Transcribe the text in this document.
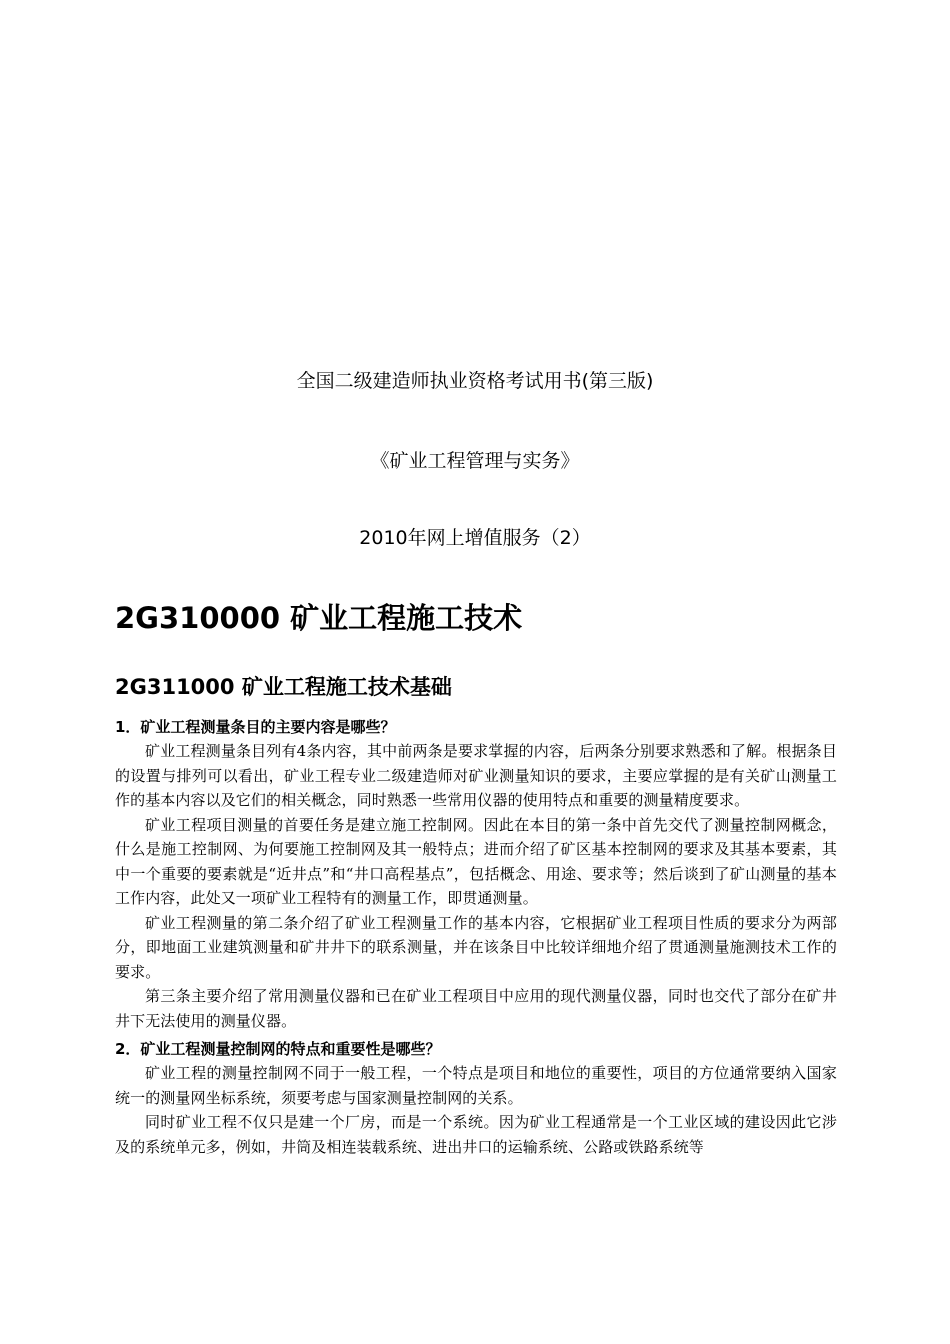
全国二级建造师执业资格考试用书(第三版)
《矿业工程管理与实务》
2010年网上增值服务（2）
2G310000 矿业工程施工技术
2G311000 矿业工程施工技术基础
1．矿业工程测量条目的主要内容是哪些？

矿业工程测量条目列有4条内容，其中前两条是要求掌握的内容，后两条分别要求熟悉和了解。根据条目的设置与排列可以看出，矿业工程专业二级建造师对矿业测量知识的要求，主要应掌握的是有关矿山测量工作的基本内容以及它们的相关概念，同时熟悉一些常用仪器的使用特点和重要的测量精度要求。

矿业工程项目测量的首要任务是建立施工控制网。因此在本目的第一条中首先交代了测量控制网概念，什么是施工控制网、为何要施工控制网及其一般特点；进而介绍了矿区基本控制网的要求及其基本要素，其中一个重要的要素就是“近井点”和“井口高程基点”，包括概念、用途、要求等；然后谈到了矿山测量的基本工作内容，此处又一项矿业工程特有的测量工作，即贯通测量。

矿业工程测量的第二条介绍了矿业工程测量工作的基本内容，它根据矿业工程项目性质的要求分为两部分，即地面工业建筑测量和矿井井下的联系测量，并在该条目中比较详细地介绍了贯通测量施测技术工作的要求。

第三条主要介绍了常用测量仪器和已在矿业工程项目中应用的现代测量仪器，同时也交代了部分在矿井井下无法使用的测量仪器。

2．矿业工程测量控制网的特点和重要性是哪些？

矿业工程的测量控制网不同于一般工程，一个特点是项目和地位的重要性，项目的方位通常要纳入国家统一的测量网坐标系统，须要考虑与国家测量控制网的关系。

同时矿业工程不仅只是建一个厂房，而是一个系统。因为矿业工程通常是一个工业区域的建设因此它涉及的系统单元多，例如，井筒及相连装载系统、进出井口的运输系统、公路或铁路系统等
